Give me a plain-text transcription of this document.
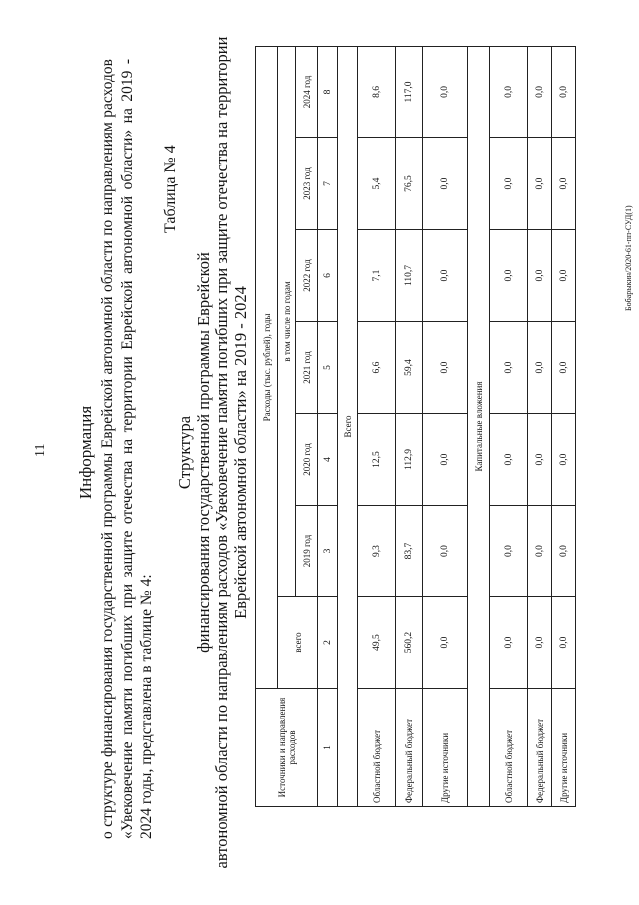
11 Информация о структуре финансирования государственной программы Еврейской автономной области по направлениям расходов «Увековечение памяти погибших при защите отечества на территории Еврейской автономной области» на 2019 - 2024 годы, представлена в таблице № 4:
Таблица № 4
Структура финансирования государственной программы Еврейской автономной области по направлениям расходов «Увековечение памяти погибших при защите отечества на территории Еврейской автономной области» на 2019 - 2024
Источники и направления расходов	Расходы (тыс. рублей), годы						
	всего	в том числе по годам					
		2019 год	2020 год	2021 год	2022 год	2023 год	2024 год
1	2	3	4	5	6	7	8
Всего							
Областной бюджет	49,5	9,3	12,5	6,6	7,1	5,4	8,6
Федеральный бюджет	560,2	83,7	112,9	59,4	110,7	76,5	117,0
Другие источники	0,0	0,0	0,0	0,0	0,0	0,0	0,0
Капитальные вложения							
Областной бюджет	0,0	0,0	0,0	0,0	0,0	0,0	0,0
Федеральный бюджет	0,0	0,0	0,0	0,0	0,0	0,0	0,0
Другие источники	0,0	0,0	0,0	0,0	0,0	0,0	0,0
Бобарыкин/2020-61-пп-СУД(1)
